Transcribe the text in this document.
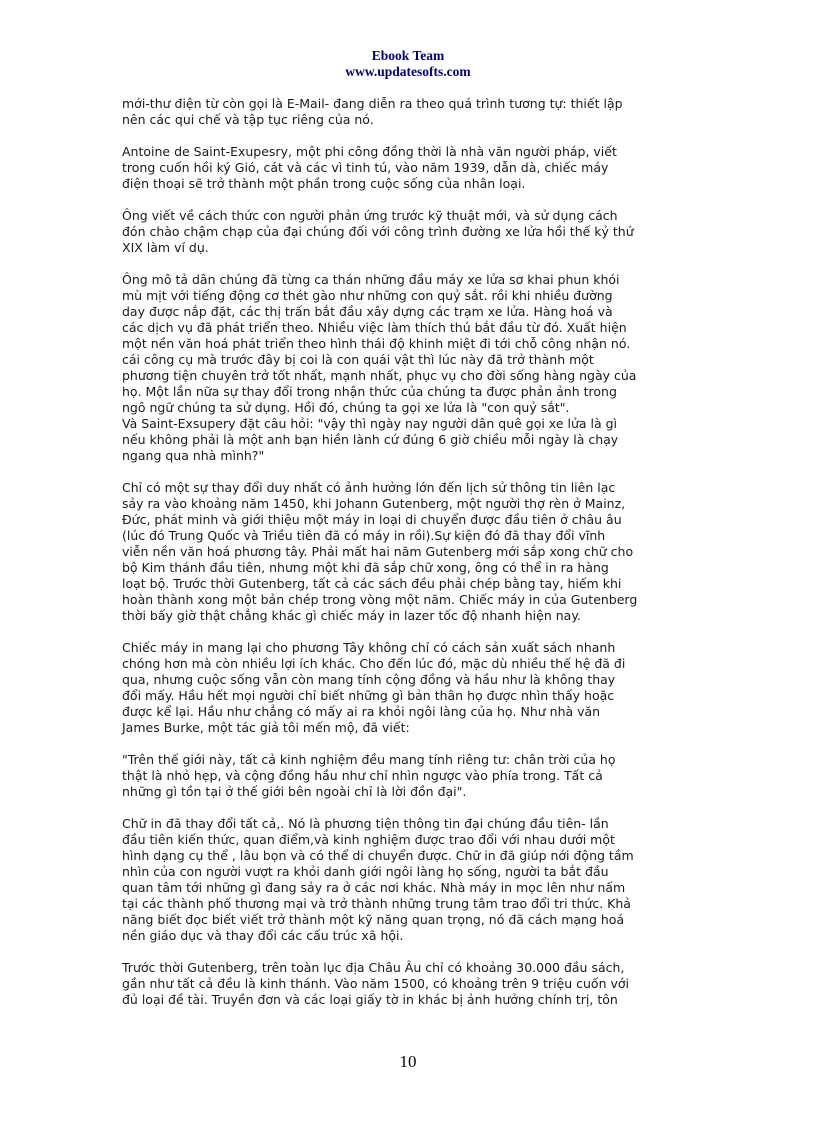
Ebook Team
www.updatesofts.com

mới-thư điện từ còn gọi là E-Mail- đang diễn ra theo quá trình tương tự: thiết lập
nên các qui chế và tập tục riêng của nó.

Antoine de Saint-Exupesry, một phi công đồng thời là nhà văn người pháp, viết
trong cuốn hồi ký Gió, cát và các vì tinh tú, vào năm 1939, dẫn dà, chiếc máy
điện thoại sẽ trở thành một phần trong cuộc sống của nhân loại.

Ông viết về cách thức con người phản ứng trước kỹ thuật mới, và sử dụng cách
đón chào chậm chạp của đại chúng đối với công trình đường xe lửa hồi thế kỷ thứ
XIX làm ví dụ.

Ông mô tả dân chúng đã từng ca thán những đầu máy xe lửa sơ khai phun khói
mù mịt với tiếng động cơ thét gào như những con quỷ sắt. rồi khi nhiều đường
day được nắp đặt, các thị trấn bắt đầu xây dựng các trạm xe lửa. Hàng hoá và
các dịch vụ đã phát triển theo. Nhiều việc làm thích thú bắt đầu từ đó. Xuất hiện
một nền văn hoá phát triển theo hình thái độ khinh miệt đi tới chỗ công nhận nó.
cái công cụ mà trước đây bị coi là con quái vật thì lúc này đã trở thành một
phương tiện chuyên trở tốt nhất, mạnh nhất, phục vụ cho đời sống hàng ngày của
họ. Một lần nữa sự thay đổi trong nhận thức của chúng ta được phản ảnh trong
ngô ngữ chúng ta sử dụng. Hồi đó, chúng ta gọi xe lửa là "con quỷ sắt".
Và Saint-Exsupery đặt câu hỏi: "vậy thì ngày nay người dân quê gọi xe lửa là gì
nếu không phải là một anh bạn hiền lành cứ đúng 6 giờ chiều mỗi ngày là chạy
ngang qua nhà mình?"

Chỉ có một sự thay đổi duy nhất có ảnh hưởng lớn đến lịch sử thông tin liên lạc
sảy ra vào khoảng năm 1450, khi Johann Gutenberg, một người thợ rèn ở Mainz,
Đức, phát minh và giới thiệu một máy in loại di chuyển được đầu tiên ở châu âu
(lúc đó Trung Quốc và Triều tiên đã có máy in rồi).Sự kiện đó đã thay đổi vĩnh
viễn nền văn hoá phương tây. Phải mất hai năm Gutenberg mới sắp xong chữ cho
bộ Kim thánh đầu tiên, nhưng một khi đã sắp chữ xong, ông có thể in ra hàng
loạt bộ. Trước thời Gutenberg, tất cả các sách đều phải chép bằng tay, hiếm khi
hoàn thành xong một bản chép trong vòng một năm. Chiếc máy in của Gutenberg
thời bấy giờ thật chẳng khác gì chiếc máy in lazer tốc độ nhanh hiện nay.

Chiếc máy in mang lại cho phương Tây không chỉ có cách sản xuất sách nhanh
chóng hơn mà còn nhiều lợi ích khác. Cho đến lúc đó, mặc dù nhiều thế hệ đã đi
qua, nhưng cuộc sống vẫn còn mang tính cộng đồng và hầu như là không thay
đổi mấy. Hầu hết mọi người chỉ biết những gì bản thân họ được nhìn thấy hoặc
được kể lại. Hầu như chẳng có mấy ai ra khỏi ngôi làng của họ. Như nhà văn
James Burke, một tác giả tôi mến mộ, đã viết:

"Trên thế giới này, tất cả kinh nghiệm đều mang tính riêng tư: chân trời của họ
thật là nhỏ hẹp, và cộng đồng hầu như chỉ nhìn ngược vào phía trong. Tất cả
những gì tồn tại ở thế giới bên ngoài chỉ là lời đồn đại".

Chữ in đã thay đổi tất cả,. Nó là phương tiện thông tin đại chúng đầu tiên- lần
đầu tiên kiến thức, quan điểm,và kinh nghiệm được trao đổi với nhau dưới một
hình dạng cụ thể , lâu bọn và có thể di chuyển được. Chữ in đã giúp nới động tầm
nhìn của con người vượt ra khỏi danh giới ngôi làng họ sống, người ta bắt đầu
quan tâm tới những gì đang sảy ra ở các nơi khác. Nhà máy in mọc lên như nấm
tại các thành phố thương mại và trở thành những trung tâm trao đổi tri thức. Khả
năng biết đọc biết viết trở thành một kỹ năng quan trọng, nó đã cách mạng hoá
nền giáo dục và thay đổi các cấu trúc xã hội.

Trước thời Gutenberg, trên toàn lục địa Châu Âu chỉ có khoảng 30.000 đầu sách,
gần như tất cả đều là kinh thánh. Vào năm 1500, có khoảng trên 9 triệu cuốn với
đủ loại đề tài. Truyền đơn và các loại giấy tờ in khác bị ảnh hưởng chính trị, tôn

10
